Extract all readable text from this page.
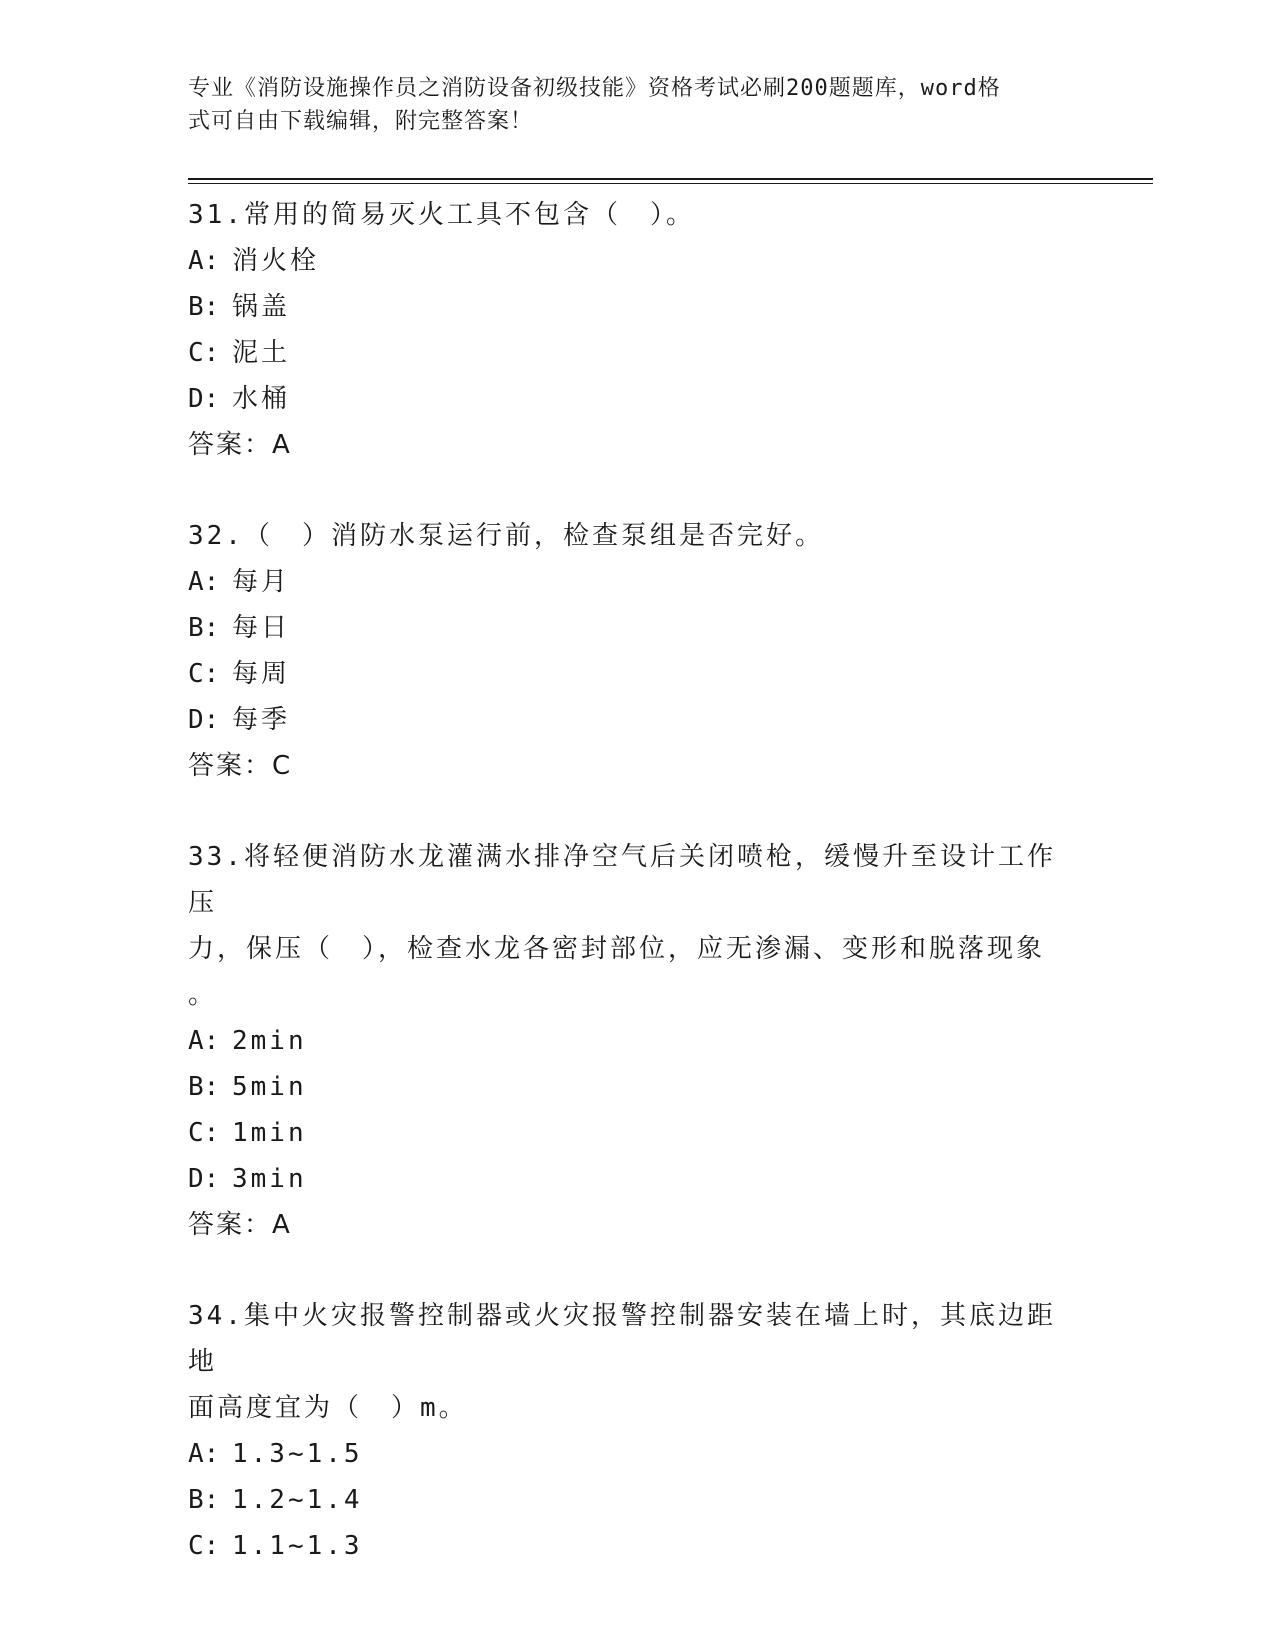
专业《消防设施操作员之消防设备初级技能》资格考试必刷200题题库，word格
式可自由下载编辑，附完整答案！
31.常用的简易灭火工具不包含（　）。
A: 消火栓
B: 锅盖
C: 泥土
D: 水桶
答案：A
32.（　）消防水泵运行前，检查泵组是否完好。
A: 每月
B: 每日
C: 每周
D: 每季
答案：C
33.将轻便消防水龙灌满水排净空气后关闭喷枪，缓慢升至设计工作压
力，保压（　），检查水龙各密封部位，应无渗漏、变形和脱落现象
。
A: 2min
B: 5min
C: 1min
D: 3min
答案：A
34.集中火灾报警控制器或火灾报警控制器安装在墙上时，其底边距地
面高度宜为（　）m。
A: 1.3~1.5
B: 1.2~1.4
C: 1.1~1.3
